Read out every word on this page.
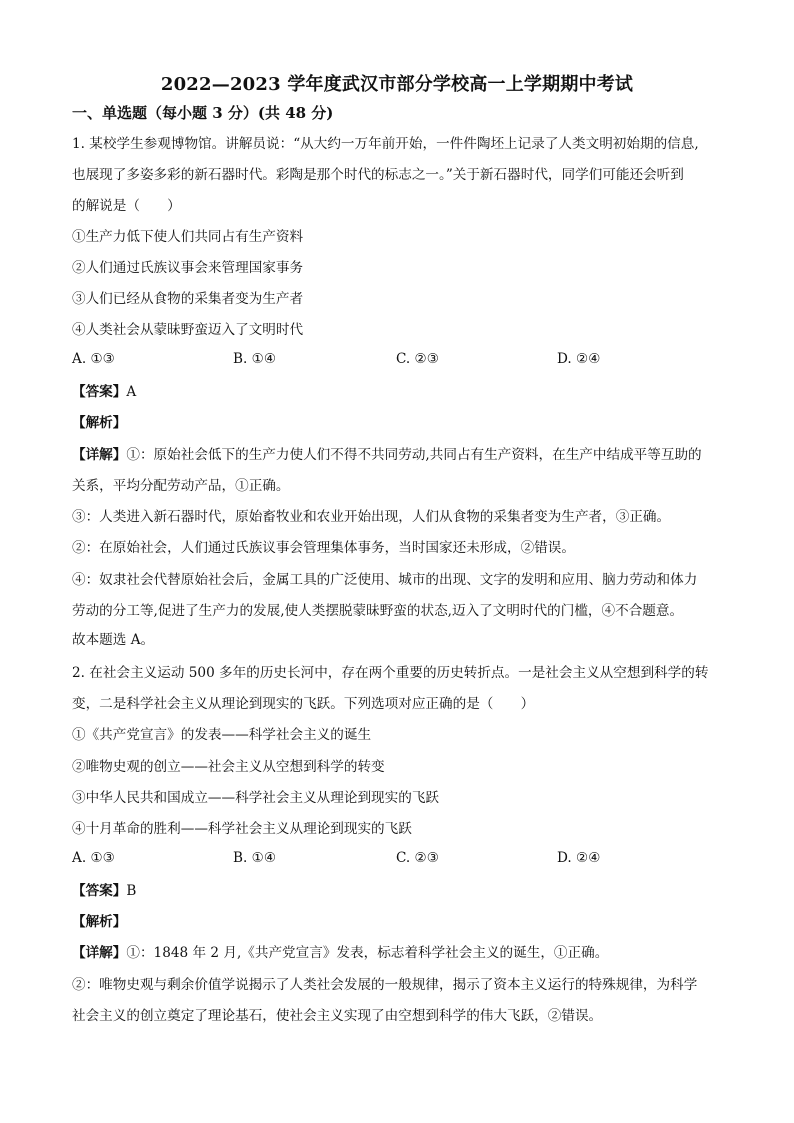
2022—2023 学年度武汉市部分学校高一上学期期中考试
一、单选题（每小题 3 分）(共 48 分)
1. 某校学生参观博物馆。讲解员说：“从大约一万年前开始，一件件陶坯上记录了人类文明初始期的信息,
也展现了多姿多彩的新石器时代。彩陶是那个时代的标志之一。”关于新石器时代，同学们可能还会听到
的解说是（　　）
①生产力低下使人们共同占有生产资料
②人们通过氏族议事会来管理国家事务
③人们已经从食物的采集者变为生产者
④人类社会从蒙昧野蛮迈入了文明时代
A. ①③	B. ①④	C. ②③	D. ②④
【答案】A
【解析】
【详解】①：原始社会低下的生产力使人们不得不共同劳动,共同占有生产资料，在生产中结成平等互助的
关系，平均分配劳动产品，①正确。
③：人类进入新石器时代，原始畜牧业和农业开始出现，人们从食物的采集者变为生产者，③正确。
②：在原始社会，人们通过氏族议事会管理集体事务，当时国家还未形成，②错误。
④：奴隶社会代替原始社会后，金属工具的广泛使用、城市的出现、文字的发明和应用、脑力劳动和体力
劳动的分工等,促进了生产力的发展,使人类摆脱蒙昧野蛮的状态,迈入了文明时代的门槛，④不合题意。
故本题选 A。
2. 在社会主义运动 500 多年的历史长河中，存在两个重要的历史转折点。一是社会主义从空想到科学的转
变，二是科学社会主义从理论到现实的飞跃。下列选项对应正确的是（　　）
①《共产党宣言》的发表——科学社会主义的诞生
②唯物史观的创立——社会主义从空想到科学的转变
③中华人民共和国成立——科学社会主义从理论到现实的飞跃
④十月革命的胜利——科学社会主义从理论到现实的飞跃
A. ①③	B. ①④	C. ②③	D. ②④
【答案】B
【解析】
【详解】①：1848 年 2 月,《共产党宣言》发表，标志着科学社会主义的诞生，①正确。
②：唯物史观与剩余价值学说揭示了人类社会发展的一般规律，揭示了资本主义运行的特殊规律，为科学
社会主义的创立奠定了理论基石，使社会主义实现了由空想到科学的伟大飞跃，②错误。
